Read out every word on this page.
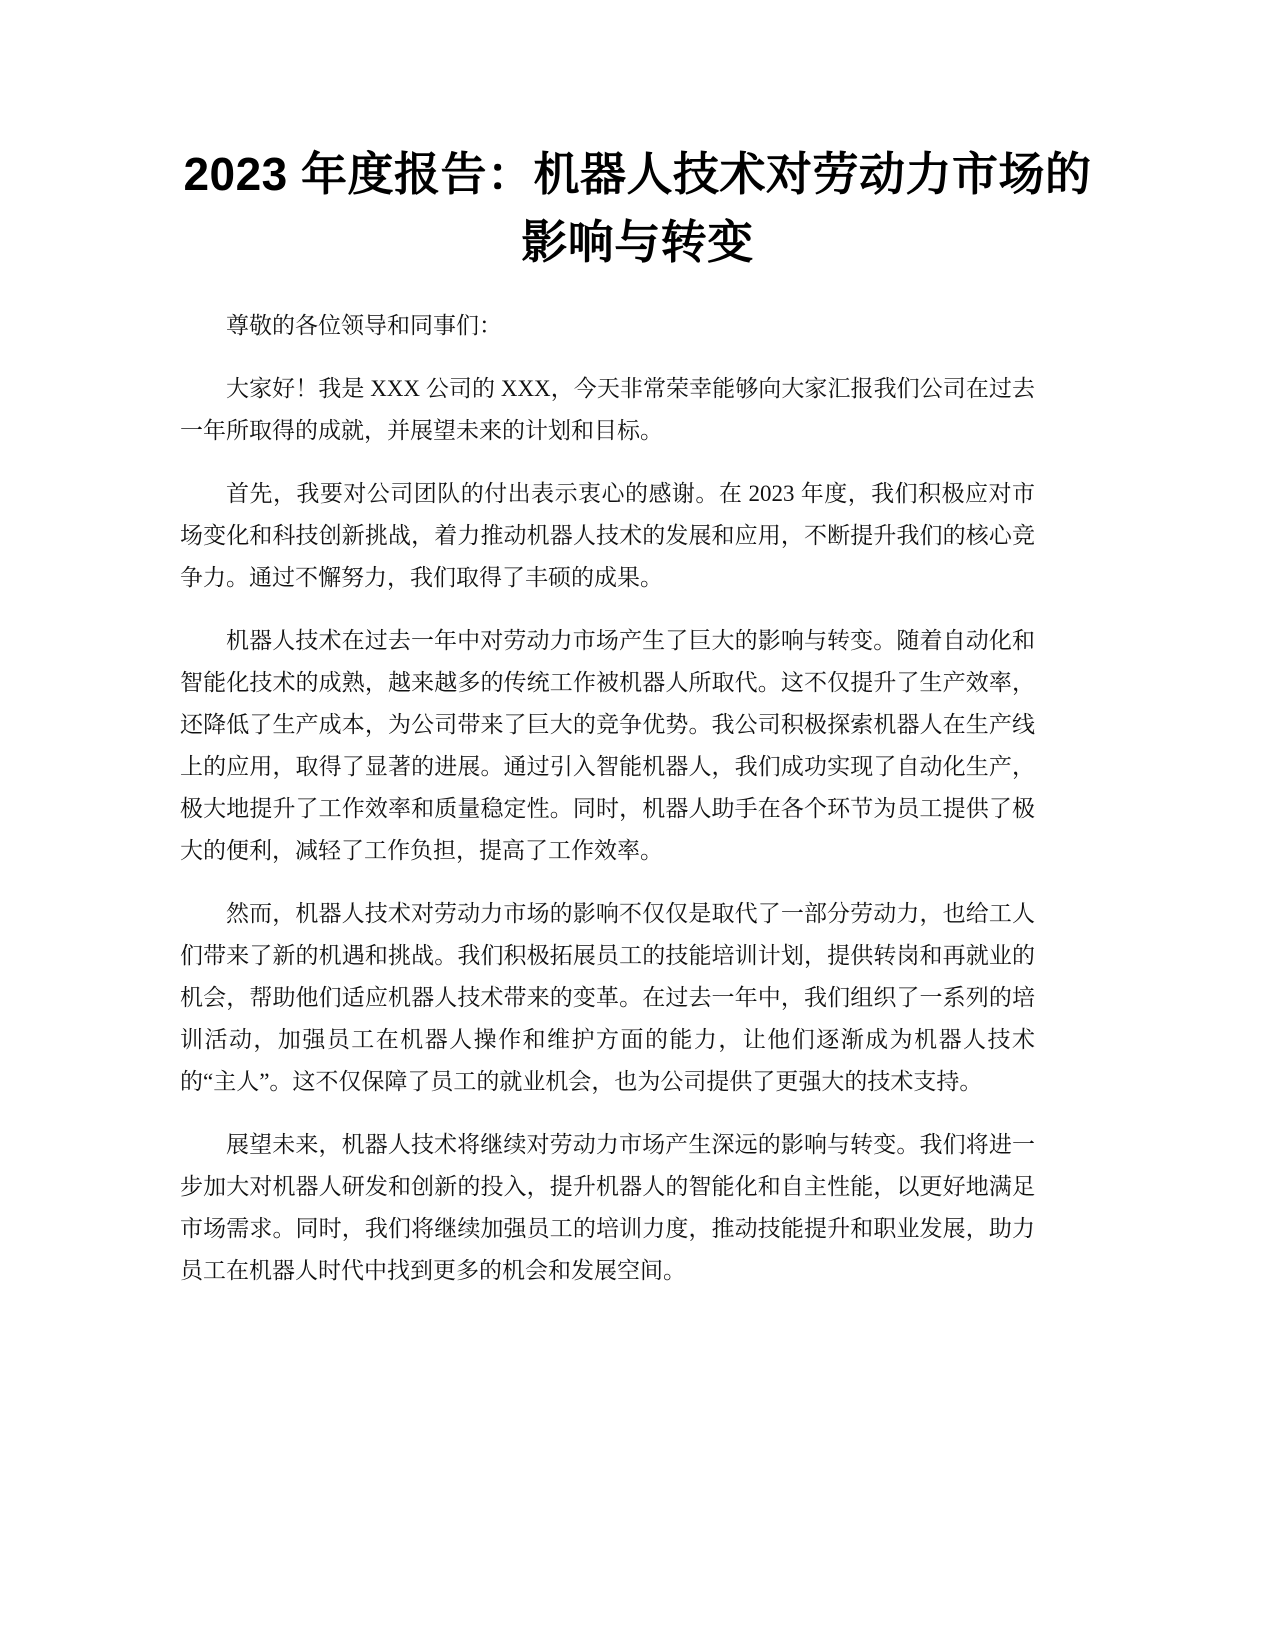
2023 年度报告：机器人技术对劳动力市场的
影响与转变

尊敬的各位领导和同事们：

大家好！我是 XXX 公司的 XXX，今天非常荣幸能够向大家汇报我们公司在过去一年所取得的成就，并展望未来的计划和目标。

首先，我要对公司团队的付出表示衷心的感谢。在 2023 年度，我们积极应对市场变化和科技创新挑战，着力推动机器人技术的发展和应用，不断提升我们的核心竞争力。通过不懈努力，我们取得了丰硕的成果。

机器人技术在过去一年中对劳动力市场产生了巨大的影响与转变。随着自动化和智能化技术的成熟，越来越多的传统工作被机器人所取代。这不仅提升了生产效率，还降低了生产成本，为公司带来了巨大的竞争优势。我公司积极探索机器人在生产线上的应用，取得了显著的进展。通过引入智能机器人，我们成功实现了自动化生产，极大地提升了工作效率和质量稳定性。同时，机器人助手在各个环节为员工提供了极大的便利，减轻了工作负担，提高了工作效率。

然而，机器人技术对劳动力市场的影响不仅仅是取代了一部分劳动力，也给工人们带来了新的机遇和挑战。我们积极拓展员工的技能培训计划，提供转岗和再就业的机会，帮助他们适应机器人技术带来的变革。在过去一年中，我们组织了一系列的培训活动，加强员工在机器人操作和维护方面的能力，让他们逐渐成为机器人技术的“主人”。这不仅保障了员工的就业机会，也为公司提供了更强大的技术支持。

展望未来，机器人技术将继续对劳动力市场产生深远的影响与转变。我们将进一步加大对机器人研发和创新的投入，提升机器人的智能化和自主性能，以更好地满足市场需求。同时，我们将继续加强员工的培训力度，推动技能提升和职业发展，助力员工在机器人时代中找到更多的机会和发展空间。
